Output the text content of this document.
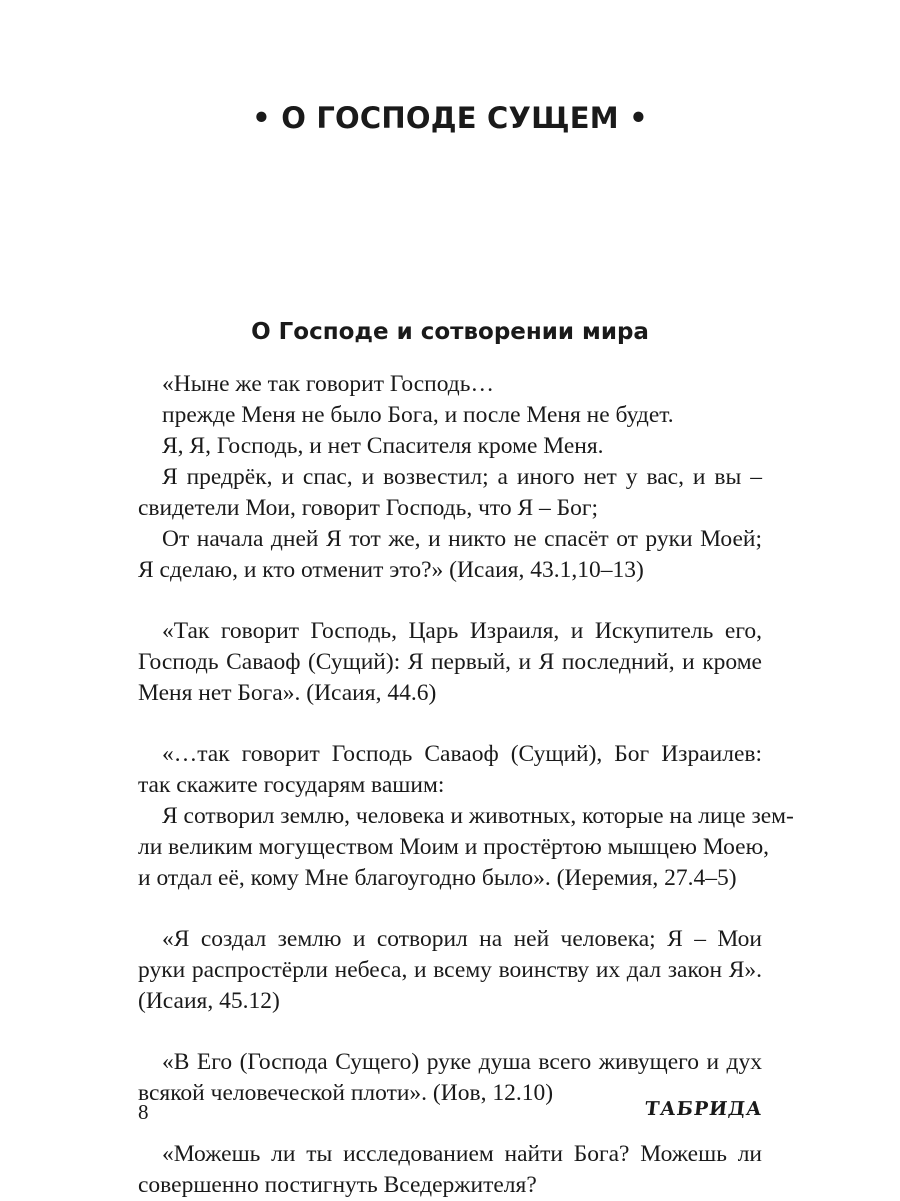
• О ГОСПОДЕ СУЩЕМ •
О Господе и сотворении мира
«Ныне же так говорит Господь…
прежде Меня не было Бога, и после Меня не будет.
Я, Я, Господь, и нет Спасителя кроме Меня.
Я предрёк, и спас, и возвестил; а иного нет у вас, и вы –
свидетели Мои, говорит Господь, что Я – Бог;
От начала дней Я тот же, и никто не спасёт от руки Моей;
Я сделаю, и кто отменит это?» (Исаия, 43.1,10–13)
«Так говорит Господь, Царь Израиля, и Искупитель его,
Господь Саваоф (Сущий): Я первый, и Я последний, и кроме
Меня нет Бога». (Исаия, 44.6)
«…так говорит Господь Саваоф (Сущий), Бог Израилев:
так скажите государям вашим:
Я сотворил землю, человека и животных, которые на лице зем-
ли великим могуществом Моим и простёртою мышцею Моею,
и отдал её, кому Мне благоугодно было». (Иеремия, 27.4–5)
«Я создал землю и сотворил на ней человека; Я – Мои
руки распростёрли небеса, и всему воинству их дал закон Я».
(Исаия, 45.12)
«В Его (Господа Сущего) руке душа всего живущего и дух
всякой человеческой плоти». (Иов, 12.10)
«Можешь ли ты исследованием найти Бога? Можешь ли
совершенно постигнуть Вседержителя?
8	ТАБРИДА
